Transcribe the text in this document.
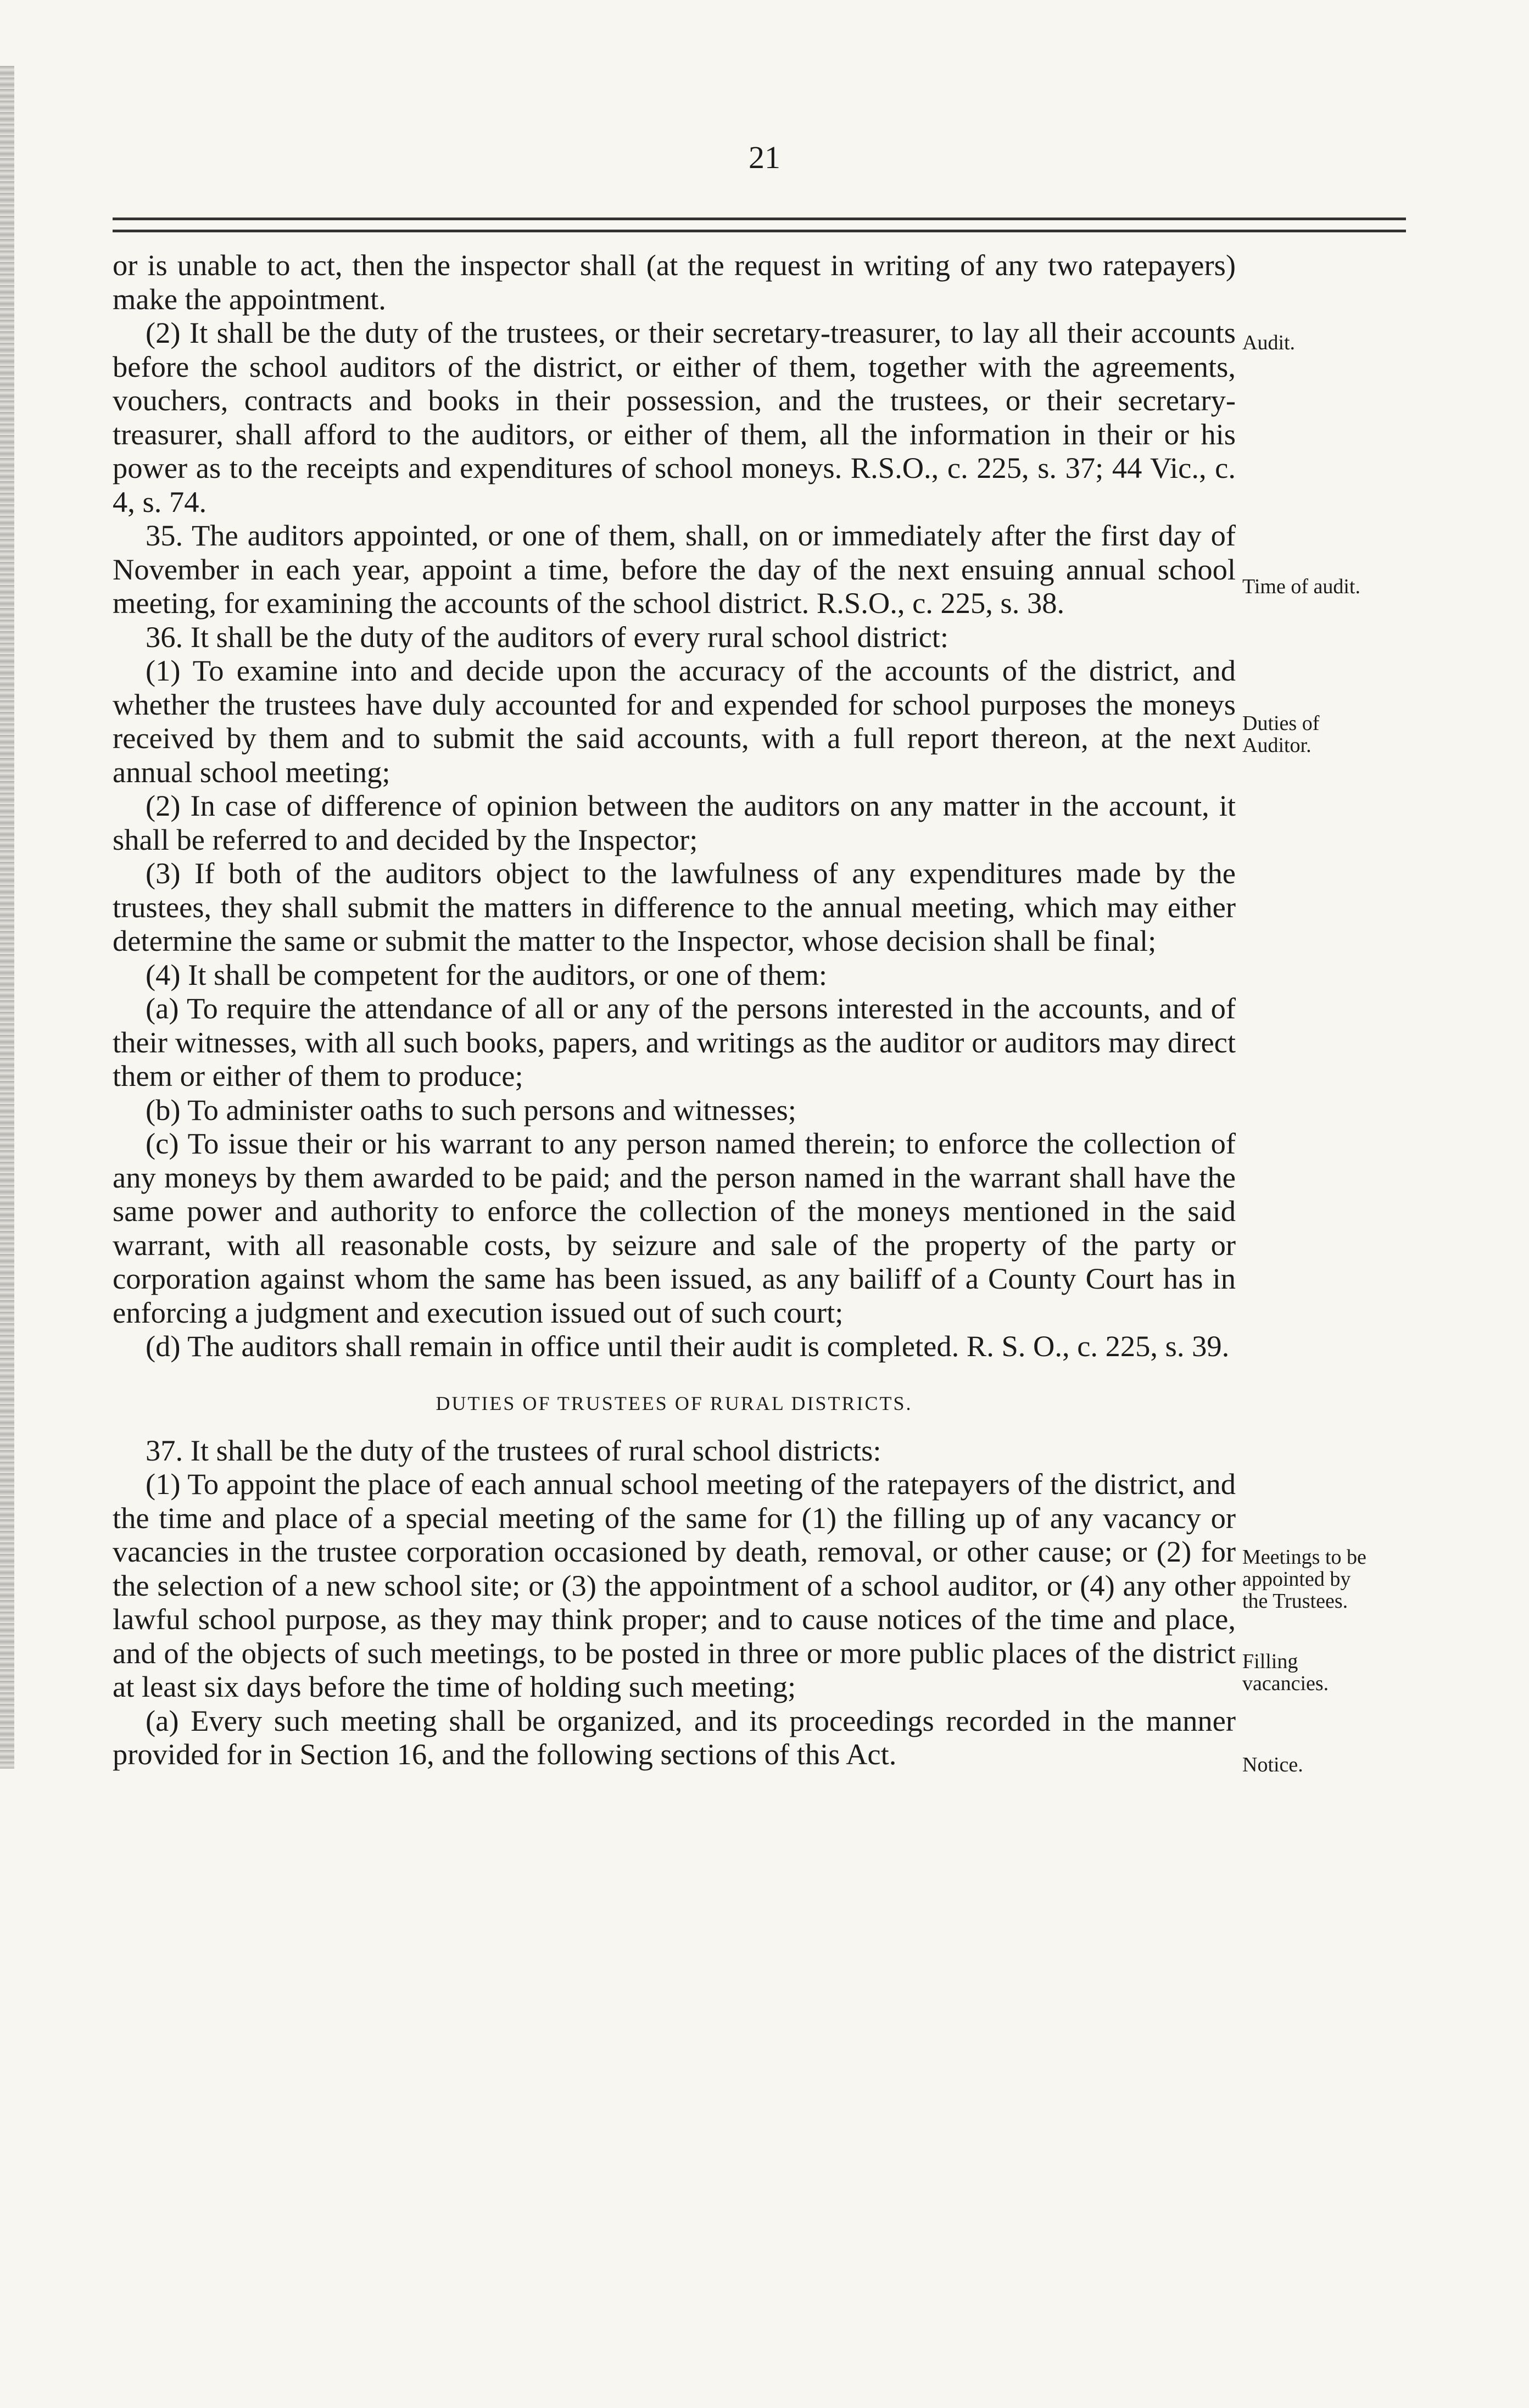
21

or is unable to act, then the inspector shall (at the request in writing of any two ratepayers) make the appointment.

(2) It shall be the duty of the trustees, or their secretary-treasurer, to lay all their accounts before the school auditors of the district, or either of them, together with the agreements, vouchers, contracts and books in their possession, and the trustees, or their secretary-treasurer, shall afford to the auditors, or either of them, all the information in their or his power as to the receipts and expenditures of school moneys. R.S.O., c. 225, s. 37; 44 Vic., c. 4, s. 74.

35. The auditors appointed, or one of them, shall, on or immediately after the first day of November in each year, appoint a time, before the day of the next ensuing annual school meeting, for examining the accounts of the school district. R.S.O., c. 225, s. 38.

36. It shall be the duty of the auditors of every rural school district:

(1) To examine into and decide upon the accuracy of the accounts of the district, and whether the trustees have duly accounted for and expended for school purposes the moneys received by them and to submit the said accounts, with a full report thereon, at the next annual school meeting;

(2) In case of difference of opinion between the auditors on any matter in the account, it shall be referred to and decided by the Inspector;

(3) If both of the auditors object to the lawfulness of any expenditures made by the trustees, they shall submit the matters in difference to the annual meeting, which may either determine the same or submit the matter to the Inspector, whose decision shall be final;

(4) It shall be competent for the auditors, or one of them:

(a) To require the attendance of all or any of the persons interested in the accounts, and of their witnesses, with all such books, papers, and writings as the auditor or auditors may direct them or either of them to produce;

(b) To administer oaths to such persons and witnesses;

(c) To issue their or his warrant to any person named therein; to enforce the collection of any moneys by them awarded to be paid; and the person named in the warrant shall have the same power and authority to enforce the collection of the moneys mentioned in the said warrant, with all reasonable costs, by seizure and sale of the property of the party or corporation against whom the same has been issued, as any bailiff of a County Court has in enforcing a judgment and execution issued out of such court;

(d) The auditors shall remain in office until their audit is completed. R. S. O., c. 225, s. 39.

DUTIES OF TRUSTEES OF RURAL DISTRICTS.

37. It shall be the duty of the trustees of rural school districts:

(1) To appoint the place of each annual school meeting of the ratepayers of the district, and the time and place of a special meeting of the same for (1) the filling up of any vacancy or vacancies in the trustee corporation occasioned by death, removal, or other cause; or (2) for the selection of a new school site; or (3) the appointment of a school auditor, or (4) any other lawful school purpose, as they may think proper; and to cause notices of the time and place, and of the objects of such meetings, to be posted in three or more public places of the district at least six days before the time of holding such meeting;

(a) Every such meeting shall be organized, and its proceedings recorded in the manner provided for in Section 16, and the following sections of this Act.

Audit.
Time of audit.
Duties of
Auditor.
Meetings to be
appointed by
the Trustees.
Filling
vacancies.
Notice.
